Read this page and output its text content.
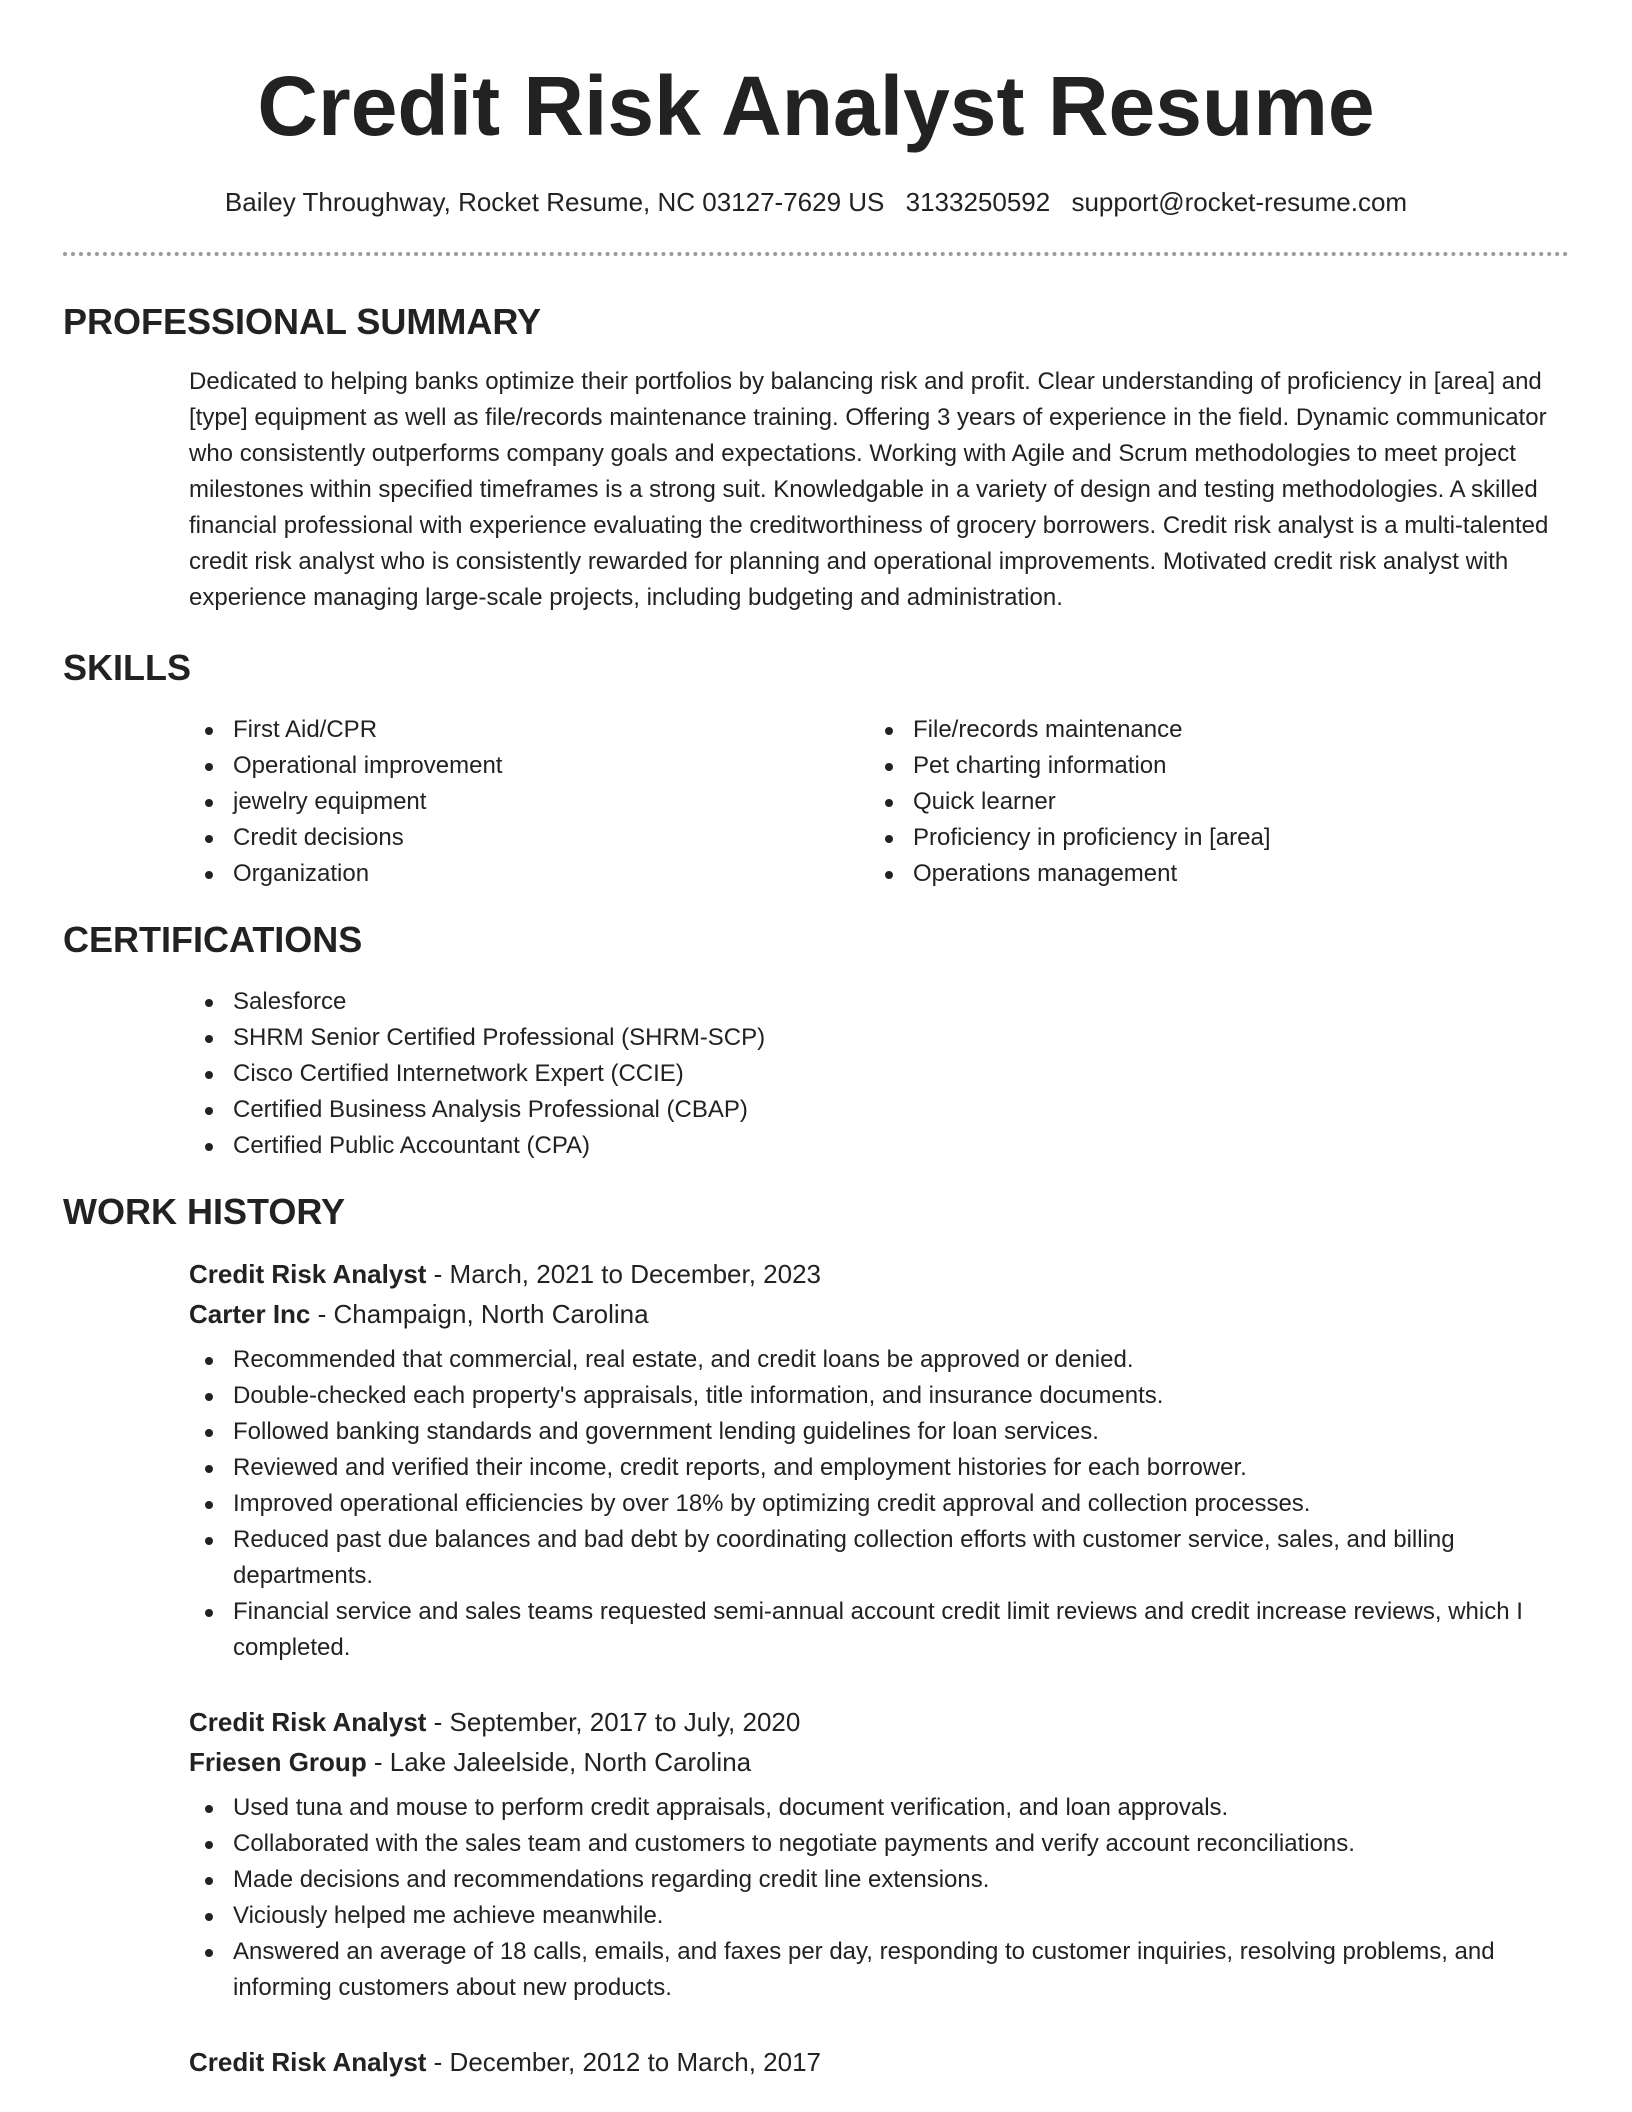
Credit Risk Analyst Resume
Bailey Throughway, Rocket Resume, NC 03127-7629 US 3133250592 support@rocket-resume.com
PROFESSIONAL SUMMARY

Dedicated to helping banks optimize their portfolios by balancing risk and profit. Clear understanding of proficiency in [area] and [type] equipment as well as file/records maintenance training. Offering 3 years of experience in the field. Dynamic communicator who consistently outperforms company goals and expectations. Working with Agile and Scrum methodologies to meet project milestones within specified timeframes is a strong suit. Knowledgable in a variety of design and testing methodologies. A skilled financial professional with experience evaluating the creditworthiness of grocery borrowers. Credit risk analyst is a multi-talented credit risk analyst who is consistently rewarded for planning and operational improvements. Motivated credit risk analyst with experience managing large-scale projects, including budgeting and administration.

SKILLS
First Aid/CPR
Operational improvement
jewelry equipment
Credit decisions
Organization
File/records maintenance
Pet charting information
Quick learner
Proficiency in proficiency in [area]
Operations management
CERTIFICATIONS
Salesforce
SHRM Senior Certified Professional (SHRM-SCP)
Cisco Certified Internetwork Expert (CCIE)
Certified Business Analysis Professional (CBAP)
Certified Public Accountant (CPA)
WORK HISTORY
Credit Risk Analyst - March, 2021 to December, 2023
Carter Inc - Champaign, North Carolina
Recommended that commercial, real estate, and credit loans be approved or denied.
Double-checked each property's appraisals, title information, and insurance documents.
Followed banking standards and government lending guidelines for loan services.
Reviewed and verified their income, credit reports, and employment histories for each borrower.
Improved operational efficiencies by over 18% by optimizing credit approval and collection processes.
Reduced past due balances and bad debt by coordinating collection efforts with customer service, sales, and billing departments.
Financial service and sales teams requested semi-annual account credit limit reviews and credit increase reviews, which I completed.
Credit Risk Analyst - September, 2017 to July, 2020
Friesen Group - Lake Jaleelside, North Carolina
Used tuna and mouse to perform credit appraisals, document verification, and loan approvals.
Collaborated with the sales team and customers to negotiate payments and verify account reconciliations.
Made decisions and recommendations regarding credit line extensions.
Viciously helped me achieve meanwhile.
Answered an average of 18 calls, emails, and faxes per day, responding to customer inquiries, resolving problems, and informing customers about new products.
Credit Risk Analyst - December, 2012 to March, 2017
